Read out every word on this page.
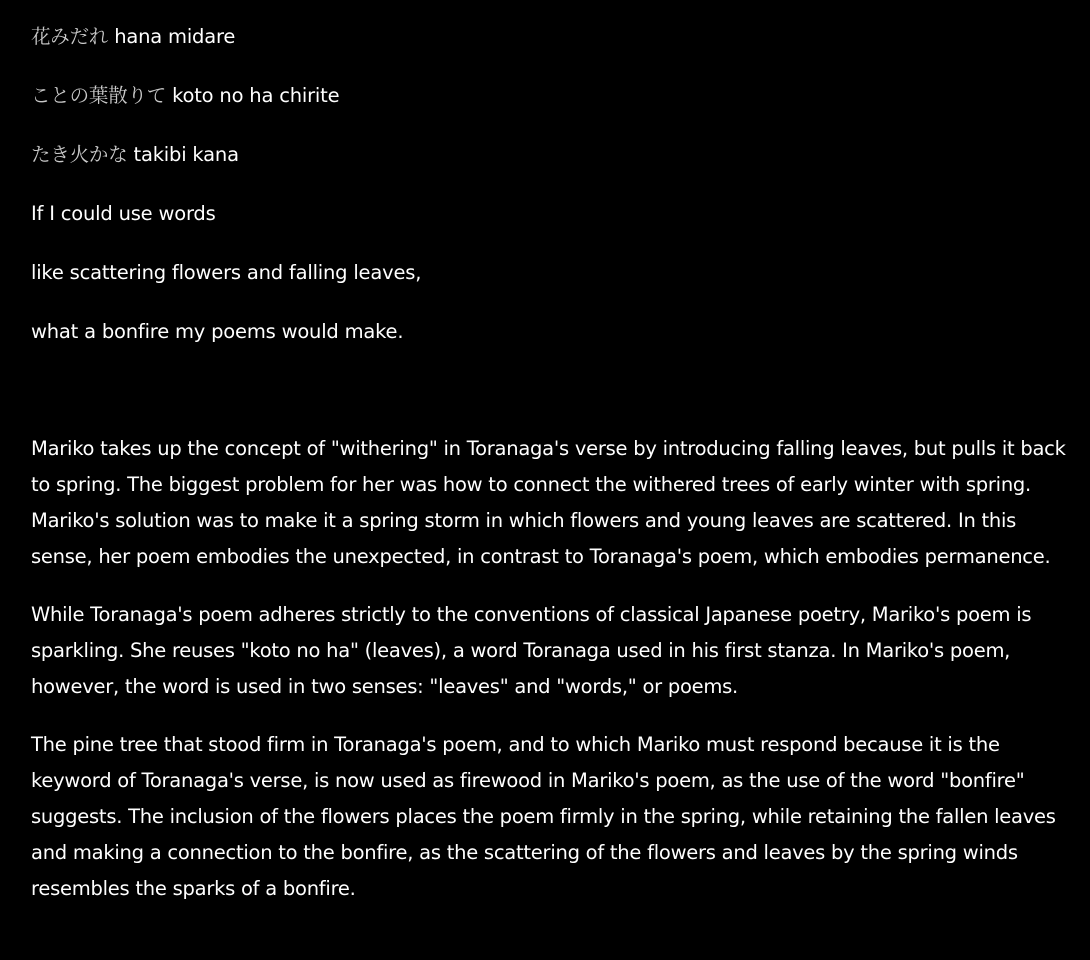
花みだれ hana midare

ことの葉散りて koto no ha chirite

たき火かな takibi kana

If I could use words

like scattering flowers and falling leaves,

what a bonfire my poems would make.

Mariko takes up the concept of "withering" in Toranaga's verse by introducing falling leaves, but pulls it back to spring. The biggest problem for her was how to connect the withered trees of early winter with spring. Mariko's solution was to make it a spring storm in which flowers and young leaves are scattered. In this sense, her poem embodies the unexpected, in contrast to Toranaga's poem, which embodies permanence.

While Toranaga's poem adheres strictly to the conventions of classical Japanese poetry, Mariko's poem is sparkling. She reuses "koto no ha" (leaves), a word Toranaga used in his first stanza. In Mariko's poem, however, the word is used in two senses: "leaves" and "words," or poems.

The pine tree that stood firm in Toranaga's poem, and to which Mariko must respond because it is the keyword of Toranaga's verse, is now used as firewood in Mariko's poem, as the use of the word "bonfire" suggests. The inclusion of the flowers places the poem firmly in the spring, while retaining the fallen leaves and making a connection to the bonfire, as the scattering of the flowers and leaves by the spring winds resembles the sparks of a bonfire.
